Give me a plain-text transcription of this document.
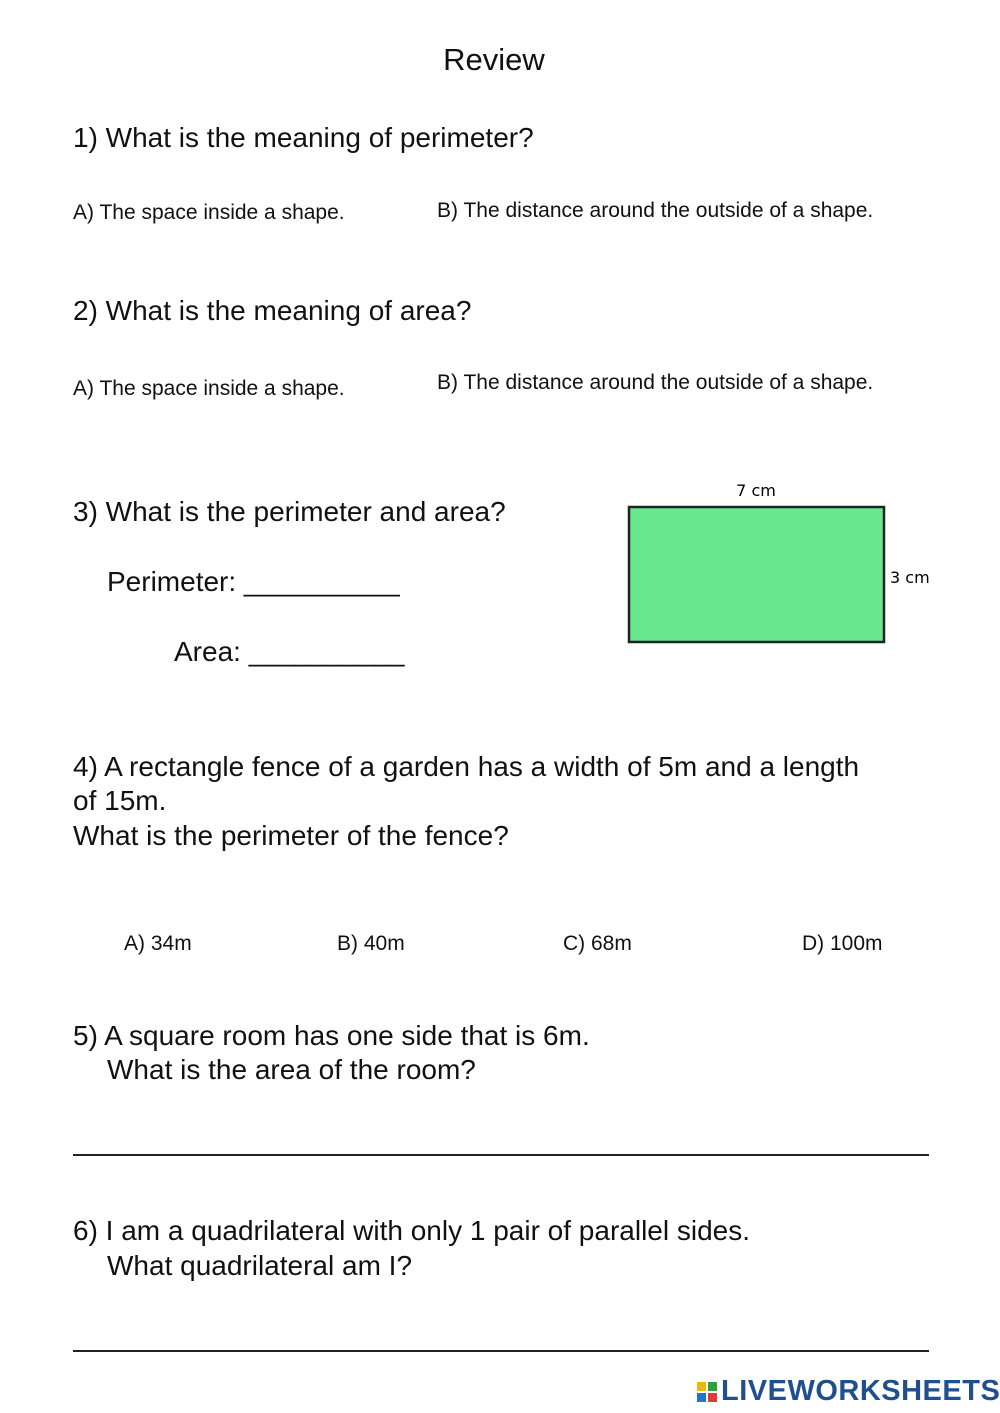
Review
1) What is the meaning of perimeter?
A) The space inside a shape.	B) The distance around the outside of a shape.
2) What is the meaning of area?
A) The space inside a shape.	B) The distance around the outside of a shape.
3) What is the perimeter and area?
Perimeter: __________
Area: __________
7 cm
3 cm
4) A rectangle fence of a garden has a width of 5m and a length
of 15m.
What is the perimeter of the fence?
A) 34m	B) 40m	C) 68m	D) 100m
5) A square room has one side that is 6m.
What is the area of the room?
6) I am a quadrilateral with only 1 pair of parallel sides.
What quadrilateral am I?
LIVEWORKSHEETS
